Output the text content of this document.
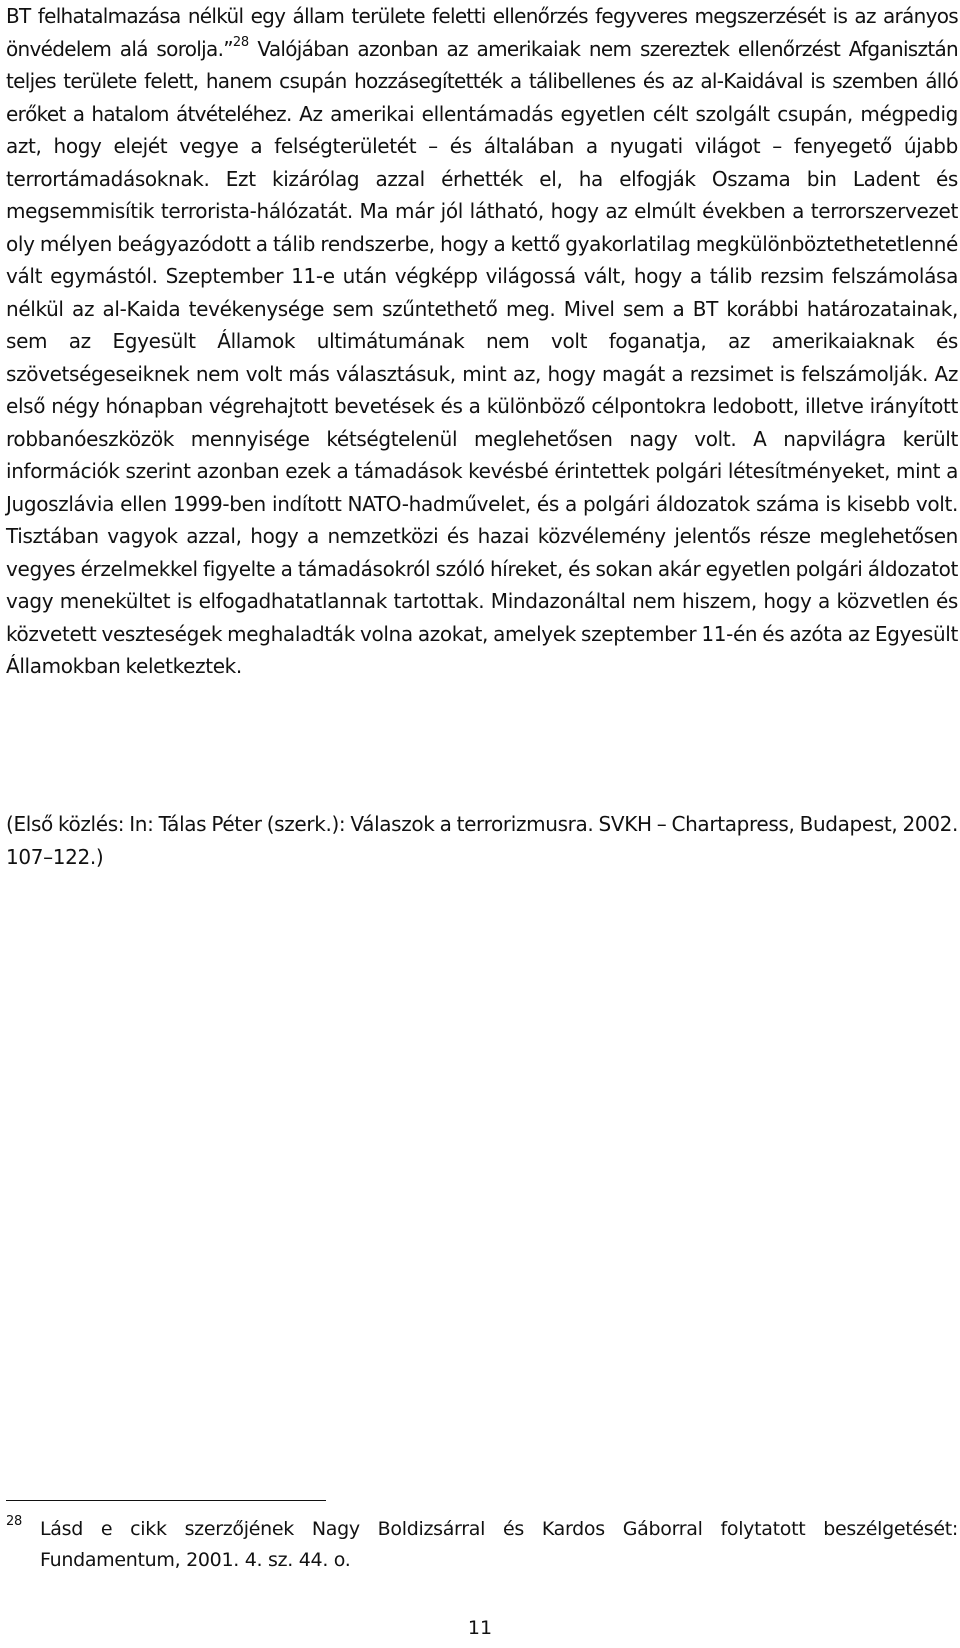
BT felhatalmazása nélkül egy állam területe feletti ellenőrzés fegyveres megszerzését is az arányos önvédelem alá sorolja.”$^{28}$ Valójában azonban az amerikaiak nem szereztek ellenőrzést Afganisztán teljes területe felett, hanem csupán hozzásegítették a tálibellenes és az al-Kaidával is szemben álló erőket a hatalom átvételéhez. Az amerikai ellentámadás egyetlen célt szolgált csupán, mégpedig azt, hogy elejét vegye a felségterületét – és általában a nyugati világot – fenyegető újabb terrortámadásoknak. Ezt kizárólag azzal érhették el, ha elfogják Oszama bin Ladent és megsemmisítik terrorista-hálózatát. Ma már jól látható, hogy az elmúlt években a terrorszervezet oly mélyen beágyazódott a tálib rendszerbe, hogy a kettő gyakorlatilag megkülönböztethetetlenné vált egymástól. Szeptember 11-e után végképp világossá vált, hogy a tálib rezsim felszámolása nélkül az al-Kaida tevékenysége sem szűntethető meg. Mivel sem a BT korábbi határozatainak, sem az Egyesült Államok ultimátumának nem volt foganatja, az amerikaiaknak és szövetségeseiknek nem volt más választásuk, mint az, hogy magát a rezsimet is felszámolják. Az első négy hónapban végrehajtott bevetések és a különböző célpontokra ledobott, illetve irányított robbanóeszközök mennyisége kétségtelenül meglehetősen nagy volt. A napvilágra került információk szerint azonban ezek a támadások kevésbé érintettek polgári létesítményeket, mint a Jugoszlávia ellen 1999-ben indított NATO-hadművelet, és a polgári áldozatok száma is kisebb volt. Tisztában vagyok azzal, hogy a nemzetközi és hazai közvélemény jelentős része meglehetősen vegyes érzelmekkel figyelte a támadásokról szóló híreket, és sokan akár egyetlen polgári áldozatot vagy menekültet is elfogadhatatlannak tartottak. Mindazonáltal nem hiszem, hogy a közvetlen és közvetett veszteségek meghaladták volna azokat, amelyek szeptember 11-én és azóta az Egyesült Államokban keletkeztek.

(Első közlés: In: Tálas Péter (szerk.): Válaszok a terrorizmusra. SVKH – Chartapress, Budapest, 2002. 107–122.)

28 Lásd e cikk szerzőjének Nagy Boldizsárral és Kardos Gáborral folytatott beszélgetését: Fundamentum, 2001. 4. sz. 44. o.
11
